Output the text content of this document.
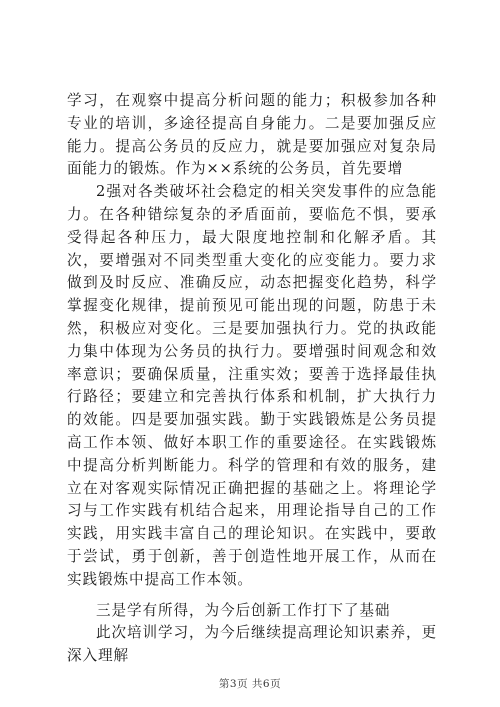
学习，在观察中提高分析问题的能力；积极参加各种专业的培训，多途径提高自身能力。二是要加强反应能力。提高公务员的反应力，就是要加强应对复杂局面能力的锻炼。作为××系统的公务员，首先要增

2强对各类破坏社会稳定的相关突发事件的应急能力。在各种错综复杂的矛盾面前，要临危不惧，要承受得起各种压力，最大限度地控制和化解矛盾。其次，要增强对不同类型重大变化的应变能力。要力求做到及时反应、准确反应，动态把握变化趋势，科学掌握变化规律，提前预见可能出现的问题，防患于未然，积极应对变化。三是要加强执行力。党的执政能力集中体现为公务员的执行力。要增强时间观念和效率意识；要确保质量，注重实效；要善于选择最佳执行路径；要建立和完善执行体系和机制，扩大执行力的效能。四是要加强实践。勤于实践锻炼是公务员提高工作本领、做好本职工作的重要途径。在实践锻炼中提高分析判断能力。科学的管理和有效的服务，建立在对客观实际情况正确把握的基础之上。将理论学习与工作实践有机结合起来，用理论指导自己的工作实践，用实践丰富自己的理论知识。在实践中，要敢于尝试，勇于创新，善于创造性地开展工作，从而在实践锻炼中提高工作本领。

三是学有所得，为今后创新工作打下了基础

此次培训学习，为今后继续提高理论知识素养，更深入理解

第3页 共6页
